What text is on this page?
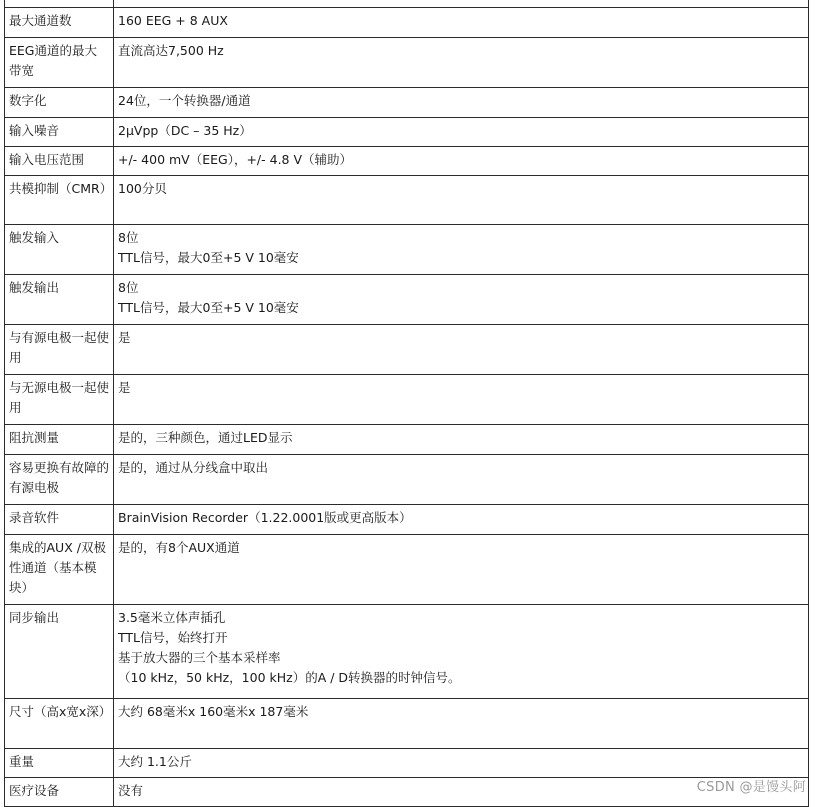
最大通道数	160 EEG + 8 AUX

EEG通道的最大带宽	直流高达7,500 Hz

数字化	24位，一个转换器/通道

输入噪音	2μVpp（DC – 35 Hz）

输入电压范围	+/- 400 mV（EEG），+/- 4.8 V（辅助）

共模抑制（CMR）	100分贝

触发输入	8位
TTL信号，最大0至+5 V 10毫安

触发输出	8位
TTL信号，最大0至+5 V 10毫安

与有源电极一起使用	是

与无源电极一起使用	是

阻抗测量	是的，三种颜色，通过LED显示

容易更换有故障的有源电极	是的，通过从分线盒中取出

录音软件	BrainVision Recorder（1.22.0001版或更高版本）

集成的AUX /双极性通道（基本模块）	是的，有8个AUX通道

同步输出	3.5毫米立体声插孔
TTL信号，始终打开
基于放大器的三个基本采样率
（10 kHz，50 kHz，100 kHz）的A / D转换器的时钟信号。

尺寸（高x宽x深）	大约 68毫米x 160毫米x 187毫米

重量	大约 1.1公斤

医疗设备	没有	CSDN @是馒头阿
